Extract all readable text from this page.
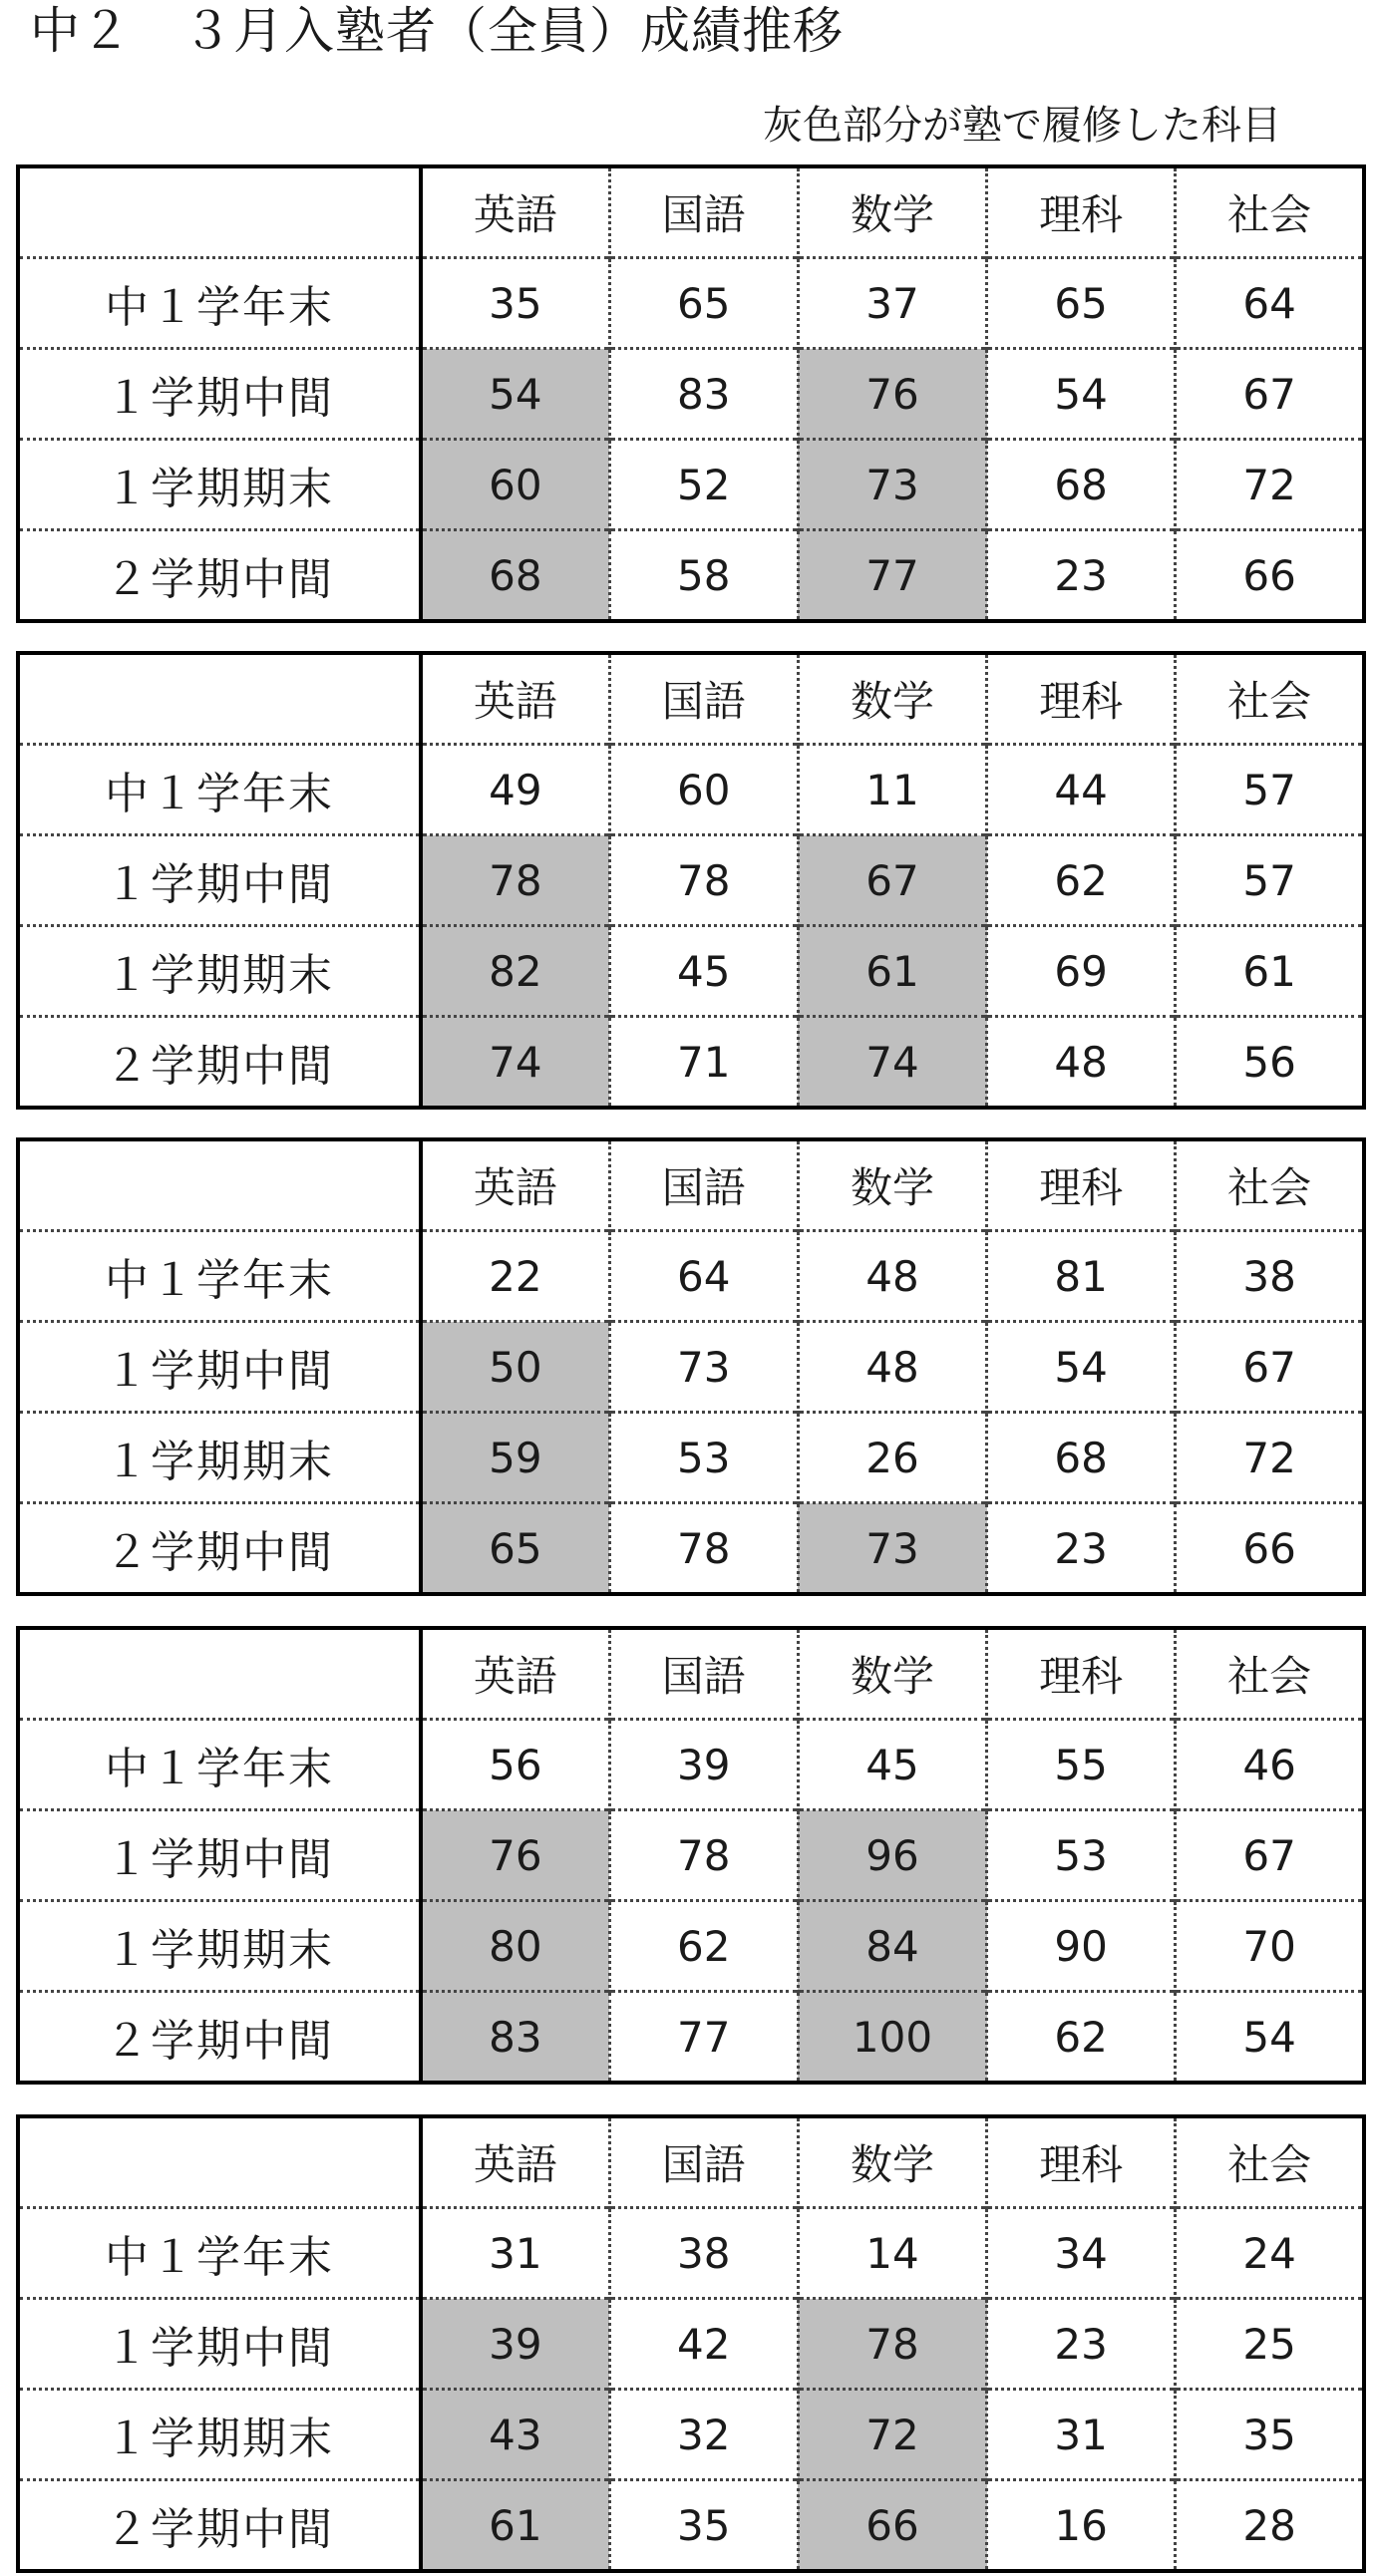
中２　３月入塾者（全員）成績推移
灰色部分が塾で履修した科目
	英語	国語	数学	理科	社会
中１学年末	35	65	37	65	64
１学期中間	54	83	76	54	67
１学期期末	60	52	73	68	72
２学期中間	68	58	77	23	66
	英語	国語	数学	理科	社会
中１学年末	49	60	11	44	57
１学期中間	78	78	67	62	57
１学期期末	82	45	61	69	61
２学期中間	74	71	74	48	56
	英語	国語	数学	理科	社会
中１学年末	22	64	48	81	38
１学期中間	50	73	48	54	67
１学期期末	59	53	26	68	72
２学期中間	65	78	73	23	66
	英語	国語	数学	理科	社会
中１学年末	56	39	45	55	46
１学期中間	76	78	96	53	67
１学期期末	80	62	84	90	70
２学期中間	83	77	100	62	54
	英語	国語	数学	理科	社会
中１学年末	31	38	14	34	24
１学期中間	39	42	78	23	25
１学期期末	43	32	72	31	35
２学期中間	61	35	66	16	28
